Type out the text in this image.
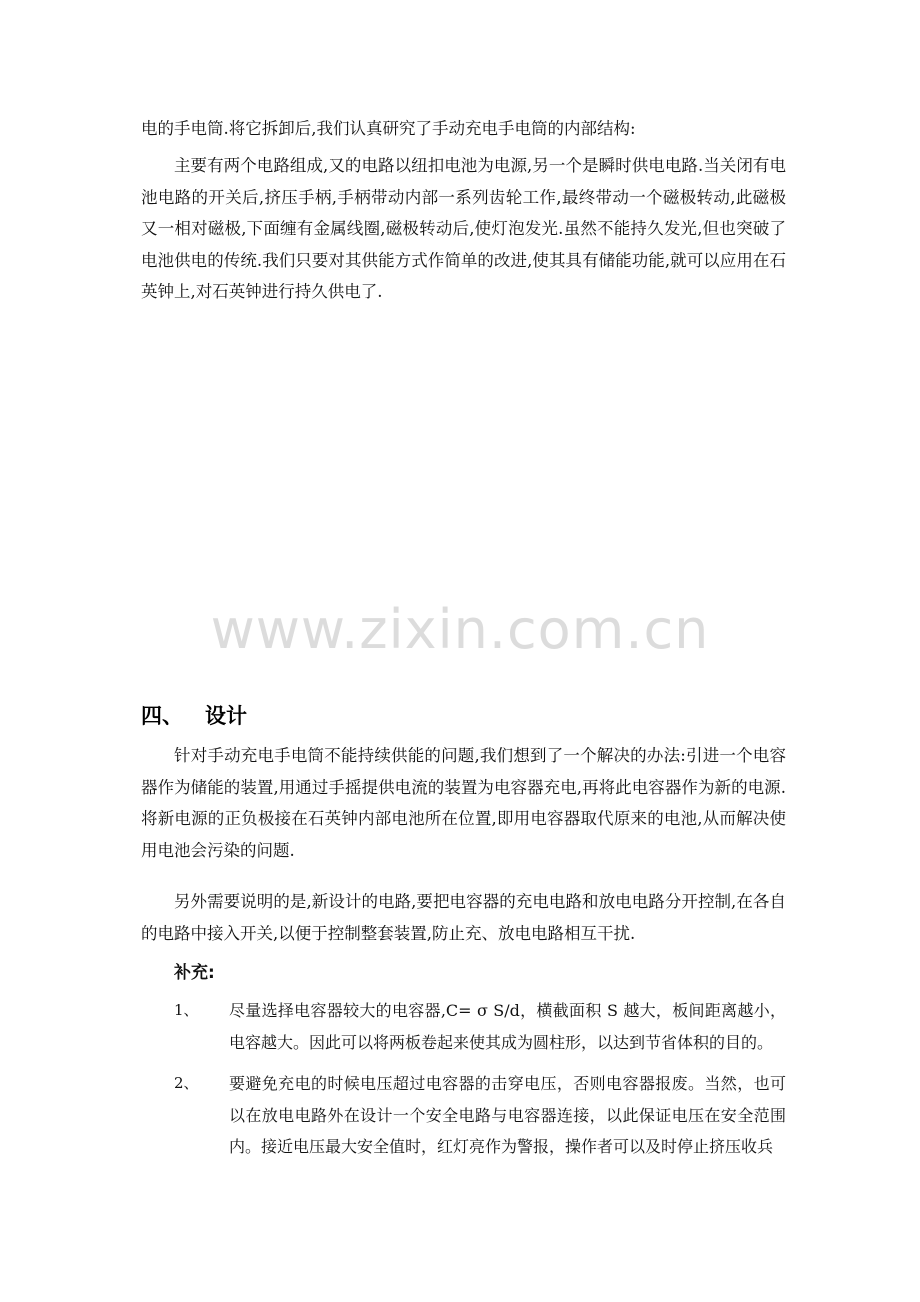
电的手电筒.将它拆卸后,我们认真研究了手动充电手电筒的内部结构:

主要有两个电路组成,又的电路以纽扣电池为电源,另一个是瞬时供电电路.当关闭有电池电路的开关后,挤压手柄,手柄带动内部一系列齿轮工作,最终带动一个磁极转动,此磁极又一相对磁极,下面缠有金属线圈,磁极转动后,使灯泡发光.虽然不能持久发光,但也突破了电池供电的传统.我们只要对其供能方式作简单的改进,使其具有储能功能,就可以应用在石英钟上,对石英钟进行持久供电了.

www.zixin.com.cn
四、 设计

针对手动充电手电筒不能持续供能的问题,我们想到了一个解决的办法:引进一个电容器作为储能的装置,用通过手摇提供电流的装置为电容器充电,再将此电容器作为新的电源.将新电源的正负极接在石英钟内部电池所在位置,即用电容器取代原来的电池,从而解决使用电池会污染的问题.

另外需要说明的是,新设计的电路,要把电容器的充电电路和放电电路分开控制,在各自的电路中接入开关,以便于控制整套装置,防止充、放电电路相互干扰.

补充:
1、 尽量选择电容器较大的电容器,C= σ S/d，横截面积 S 越大，板间距离越小，电容越大。因此可以将两板卷起来使其成为圆柱形，以达到节省体积的目的。

2、 要避免充电的时候电压超过电容器的击穿电压，否则电容器报废。当然，也可以在放电电路外在设计一个安全电路与电容器连接，以此保证电压在安全范围内。接近电压最大安全值时，红灯亮作为警报，操作者可以及时停止挤压收兵
